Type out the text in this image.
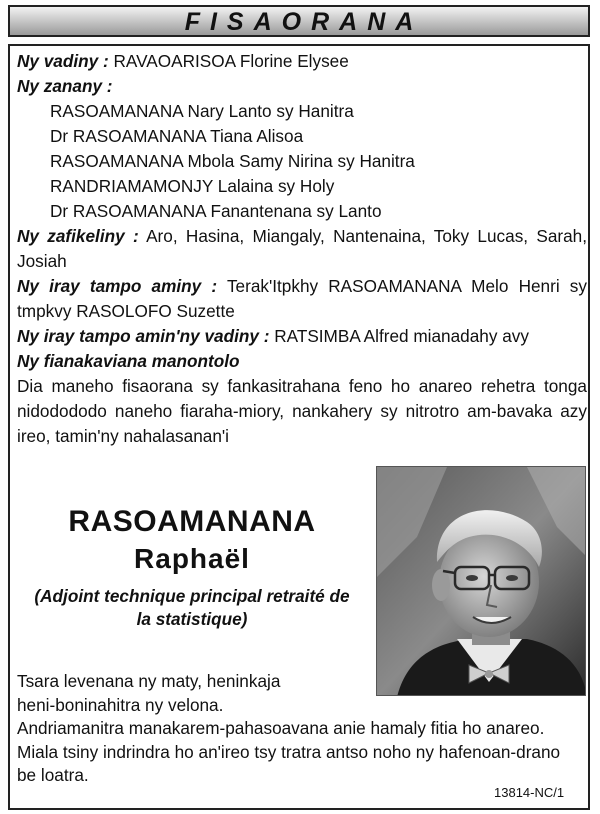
FISAORANA

Ny vadiny : RAVAOARISOA Florine Elysee

Ny zanany :

RASOAMANANA Nary Lanto sy Hanitra

Dr RASOAMANANA Tiana Alisoa

RASOAMANANA Mbola Samy Nirina sy Hanitra

RANDRIAMAMONJY Lalaina sy Holy

Dr RASOAMANANA Fanantenana sy Lanto

Ny zafikeliny : Aro, Hasina, Miangaly, Nantenaina, Toky Lucas, Sarah, Josiah

Ny iray tampo aminy : Terak'Itpkhy RASOAMANANA Melo Henri sy tmpkvy RASOLOFO Suzette

Ny iray tampo amin'ny vadiny : RATSIMBA Alfred mianadahy avy

Ny fianakaviana manontolo

Dia maneho fisaorana sy fankasitrahana feno ho anareo rehetra tonga nidodododo naneho fiaraha-miory, nankahery sy nitrotro am-bavaka azy ireo, tamin'ny nahalasanan'i

RASOAMANANA
Raphaël
(Adjoint technique principal retraité de
la statistique)

Tsara levenana ny maty, heninkaja

heni-boninahitra ny velona.

Andriamanitra manakarem-pahasoavana anie hamaly fitia ho anareo.

Miala tsiny indrindra ho an'ireo tsy tratra antso noho ny hafenoan-drano

be loatra.

13814-NC/1
